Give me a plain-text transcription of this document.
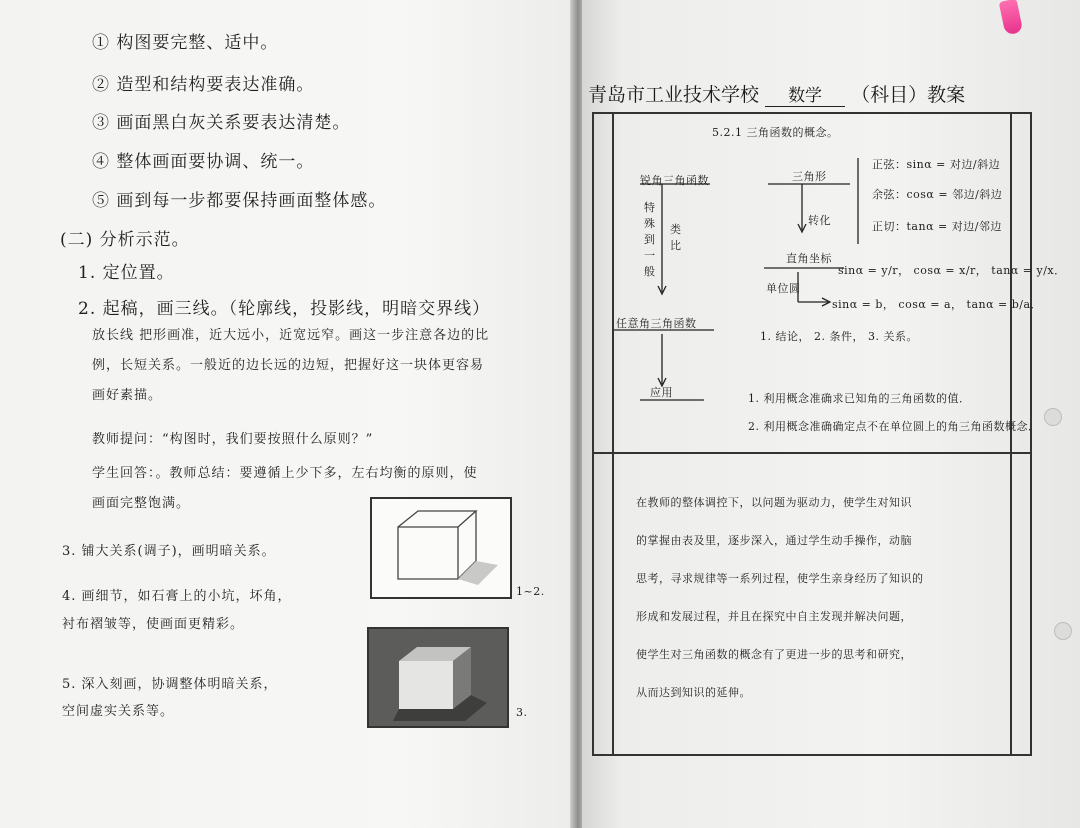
① 构图要完整、适中。
② 造型和结构要表达准确。
③ 画面黑白灰关系要表达清楚。
④ 整体画面要协调、统一。
⑤ 画到每一步都要保持画面整体感。
(二) 分析示范。
1. 定位置。
2. 起稿，画三线。（轮廓线，投影线，明暗交界线）
放长线 把形画准，近大远小，近宽远窄。画这一步注意各边的比
例，长短关系。一般近的边长远的边短，把握好这一块体更容易
画好素描。
教师提问：“构图时，我们要按照什么原则？”
学生回答：。教师总结：要遵循上少下多，左右均衡的原则，使
画面完整饱满。
3. 铺大关系(调子)，画明暗关系。
4. 画细节，如石膏上的小坑，坏角，
衬布褶皱等，使画面更精彩。
5. 深入刻画，协调整体明暗关系，
空间虚实关系等。
1~2.
3.
青岛市工业技术学校 数学 （科目）教案
5.2.1 三角函数的概念。
锐角三角函数
特殊到一般
类比
任意角三角函数
应用
三角形
转化
直角坐标
单位圆
正弦：sinα = 对边/斜边
余弦：cosα = 邻边/斜边
正切：tanα = 对边/邻边
sinα = y/r， cosα = x/r， tanα = y/x．
sinα = b， cosα = a， tanα = b/a．
1. 结论， 2. 条件， 3. 关系。
1. 利用概念准确求已知角的三角函数的值．
2. 利用概念准确确定点不在单位圆上的角三角函数概念．
在教师的整体调控下，以问题为驱动力，使学生对知识
的掌握由表及里，逐步深入，通过学生动手操作，动脑
思考，寻求规律等一系列过程，使学生亲身经历了知识的
形成和发展过程，并且在探究中自主发现并解决问题，
使学生对三角函数的概念有了更进一步的思考和研究，
从而达到知识的延伸。
